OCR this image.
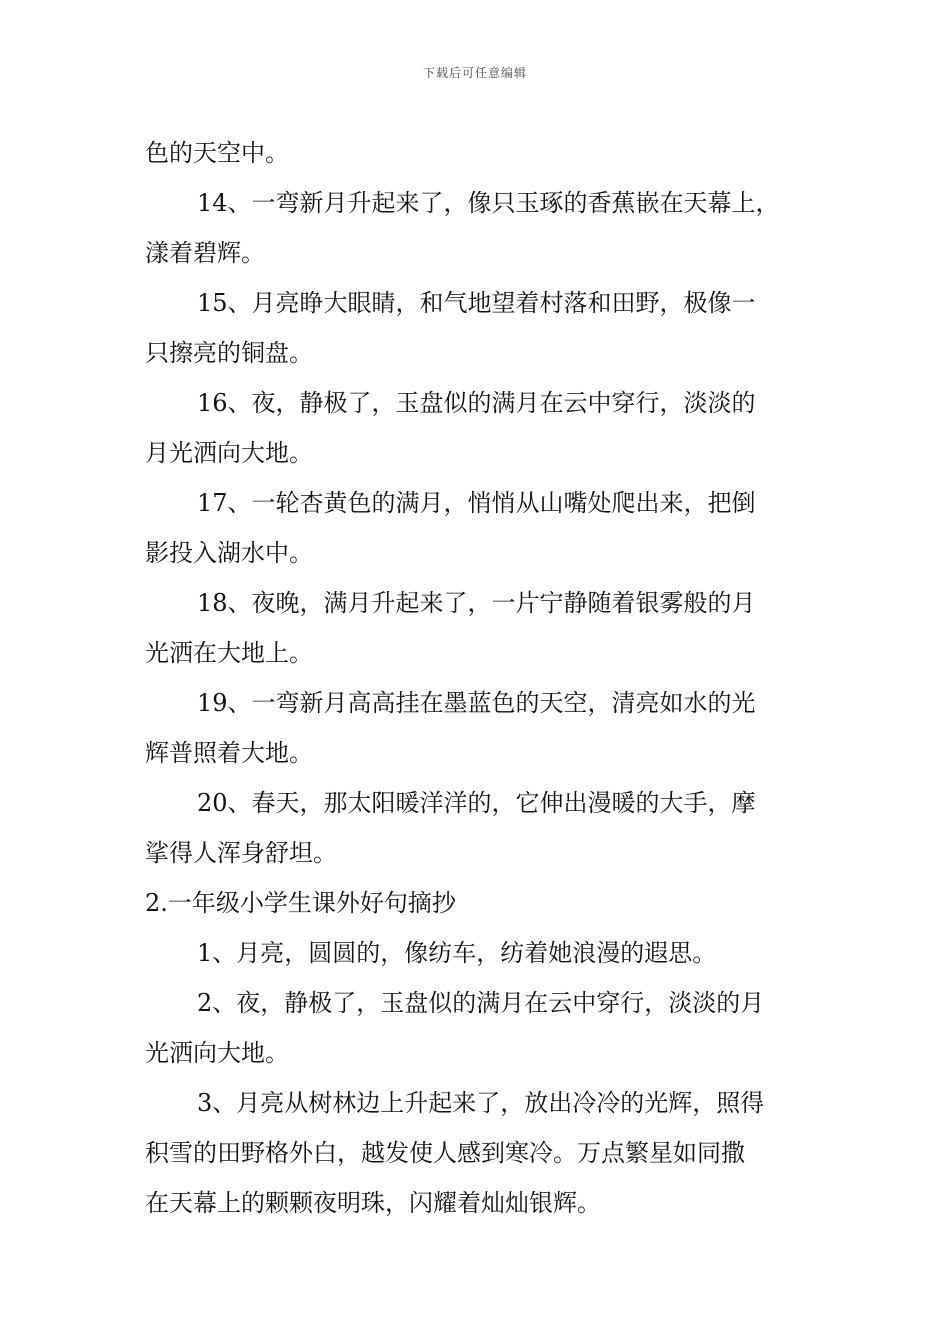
下载后可任意编辑
色的天空中。
14、一弯新月升起来了，像只玉琢的香蕉嵌在天幕上，
漾着碧辉。
15、月亮睁大眼睛，和气地望着村落和田野，极像一
只擦亮的铜盘。
16、夜，静极了，玉盘似的满月在云中穿行，淡淡的
月光洒向大地。
17、一轮杏黄色的满月，悄悄从山嘴处爬出来，把倒
影投入湖水中。
18、夜晚，满月升起来了，一片宁静随着银雾般的月
光洒在大地上。
19、一弯新月高高挂在墨蓝色的天空，清亮如水的光
辉普照着大地。
20、春天，那太阳暖洋洋的，它伸出漫暖的大手，摩
挲得人浑身舒坦。
2.一年级小学生课外好句摘抄
1、月亮，圆圆的，像纺车，纺着她浪漫的遐思。
2、夜，静极了，玉盘似的满月在云中穿行，淡淡的月
光洒向大地。
3、月亮从树林边上升起来了，放出冷冷的光辉，照得
积雪的田野格外白，越发使人感到寒冷。万点繁星如同撒
在天幕上的颗颗夜明珠，闪耀着灿灿银辉。
